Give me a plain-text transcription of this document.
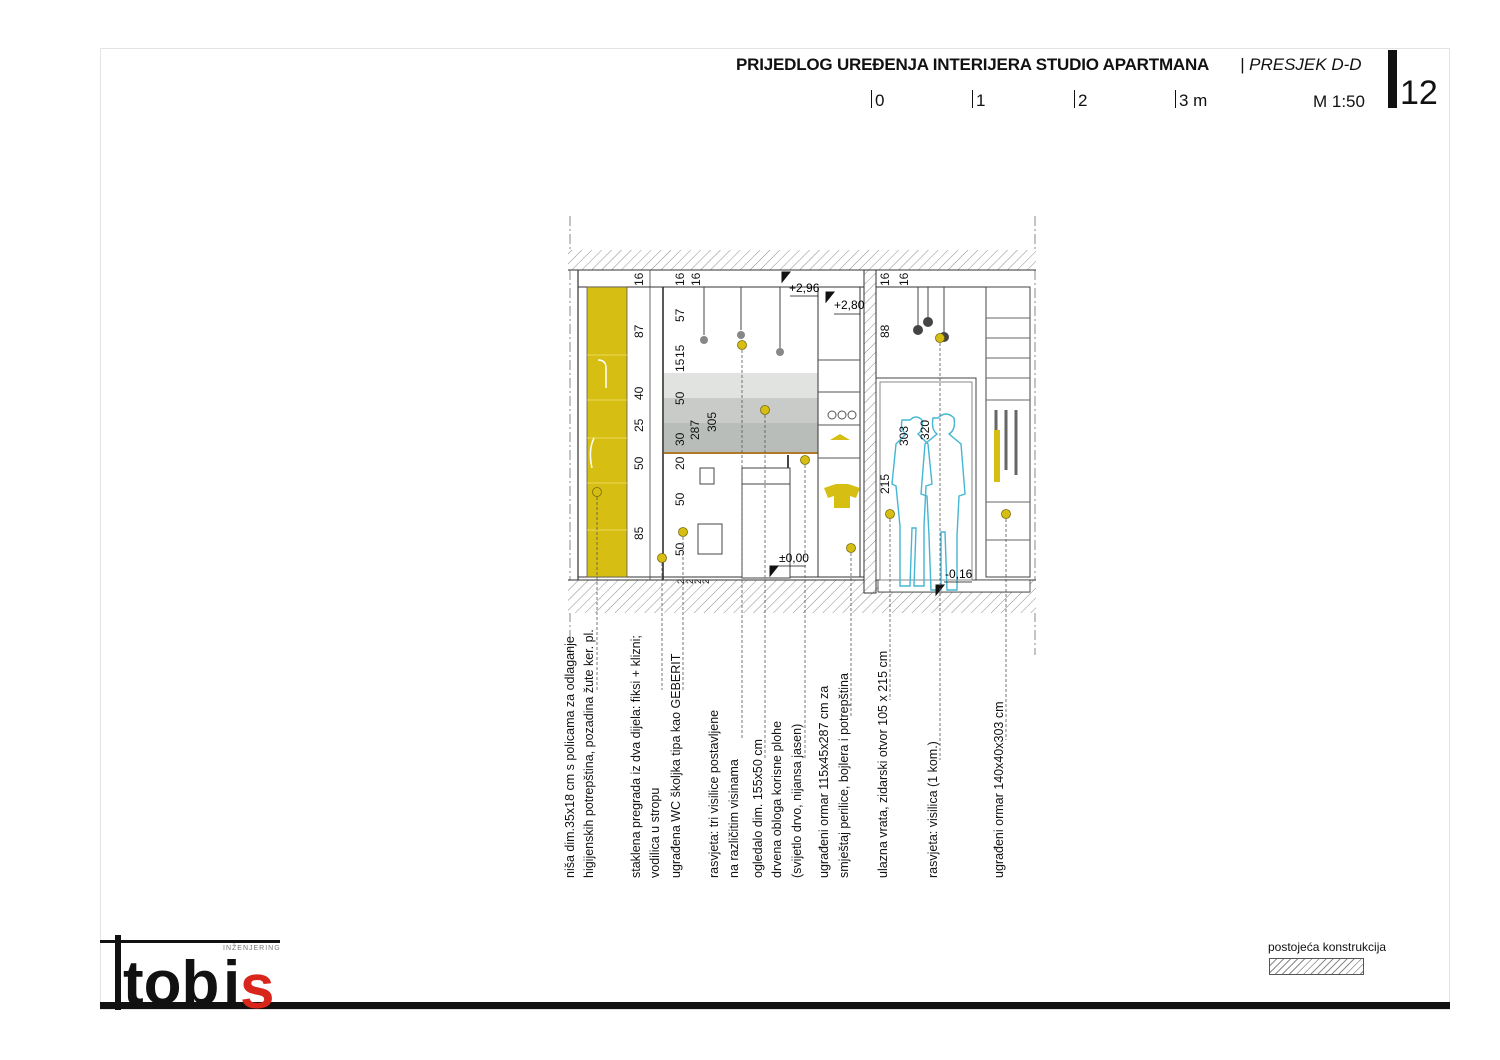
PRIJEDLOG UREĐENJA INTERIJERA STUDIO APARTMANA | PRESJEK D-D
12
0	1	2	3 m	M 1:50
+2,96
+2,80
±0,00
-0,16
16
87
40
25
50
85
16 16
57
15
15
50
30
20
50
50
287 305
16 16
88
215
303 320
2 2
2
2
niša dim.35x18 cm s policama za odlaganje higijenskih potrepština, pozadina žute ker. pl.	staklena pregrada iz dva dijela: fiksi + klizni; vodilica u stropu ugrađena WC školjka tipa kao GEBERIT rasvjeta: tri visilice postavljene na različitim visinama ogledalo dim. 155x50 cm drvena obloga korisne plohe (svijetlo drvo, nijansa jasen) ugrađeni ormar 115x45x287 cm za smještaj perilice, bojlera i potrepština ulazna vrata, zidarski otvor 105 x 215 cm	rasvjeta: visilica (1 kom.)	ugrađeni ormar 140x40x303 cm
postojeća konstrukcija
tob i s
INŽENJERING
